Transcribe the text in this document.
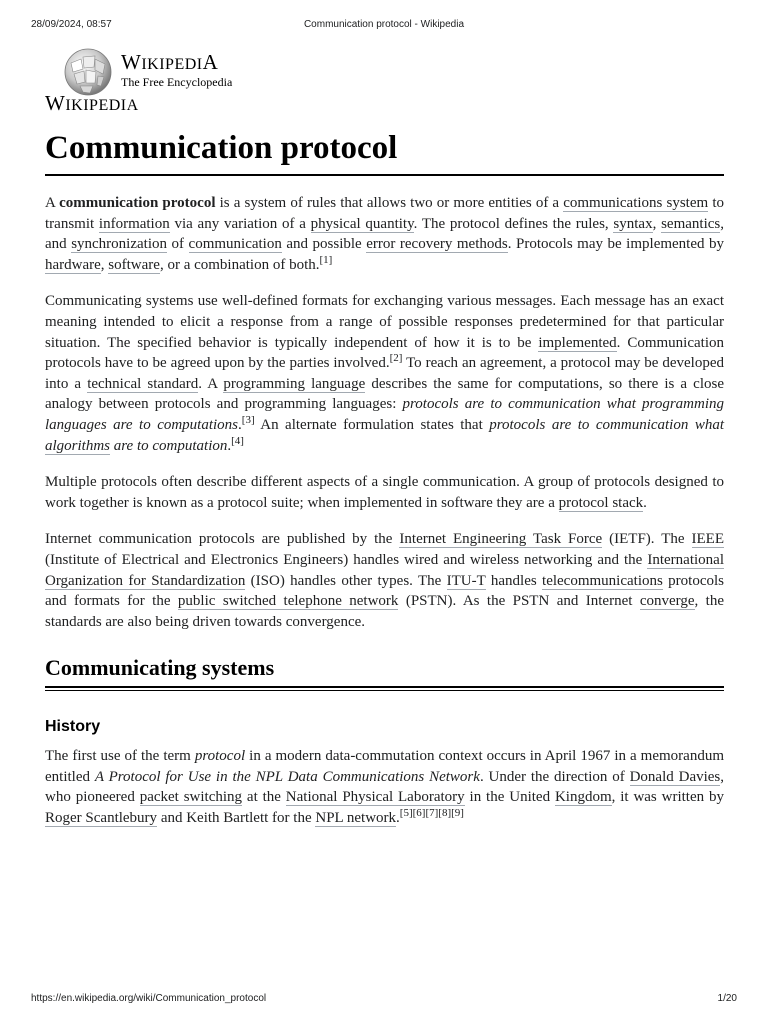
28/09/2024, 08:57	Communication protocol - Wikipedia
WIKIPEDIA
The Free Encyclopedia
WIKIPEDIA
Communication protocol

A communication protocol is a system of rules that allows two or more entities of a communications system to transmit information via any variation of a physical quantity. The protocol defines the rules, syntax, semantics, and synchronization of communication and possible error recovery methods. Protocols may be implemented by hardware, software, or a combination of both.[1]

Communicating systems use well-defined formats for exchanging various messages. Each message has an exact meaning intended to elicit a response from a range of possible responses predetermined for that particular situation. The specified behavior is typically independent of how it is to be implemented. Communication protocols have to be agreed upon by the parties involved.[2] To reach an agreement, a protocol may be developed into a technical standard. A programming language describes the same for computations, so there is a close analogy between protocols and programming languages: protocols are to communication what programming languages are to computations.[3] An alternate formulation states that protocols are to communication what algorithms are to computation.[4]

Multiple protocols often describe different aspects of a single communication. A group of protocols designed to work together is known as a protocol suite; when implemented in software they are a protocol stack.

Internet communication protocols are published by the Internet Engineering Task Force (IETF). The IEEE (Institute of Electrical and Electronics Engineers) handles wired and wireless networking and the International Organization for Standardization (ISO) handles other types. The ITU-T handles telecommunications protocols and formats for the public switched telephone network (PSTN). As the PSTN and Internet converge, the standards are also being driven towards convergence.

Communicating systems
History

The first use of the term protocol in a modern data-commutation context occurs in April 1967 in a memorandum entitled A Protocol for Use in the NPL Data Communications Network. Under the direction of Donald Davies, who pioneered packet switching at the National Physical Laboratory in the United Kingdom, it was written by Roger Scantlebury and Keith Bartlett for the NPL network.[5][6][7][8][9]

https://en.wikipedia.org/wiki/Communication_protocol	1/20
